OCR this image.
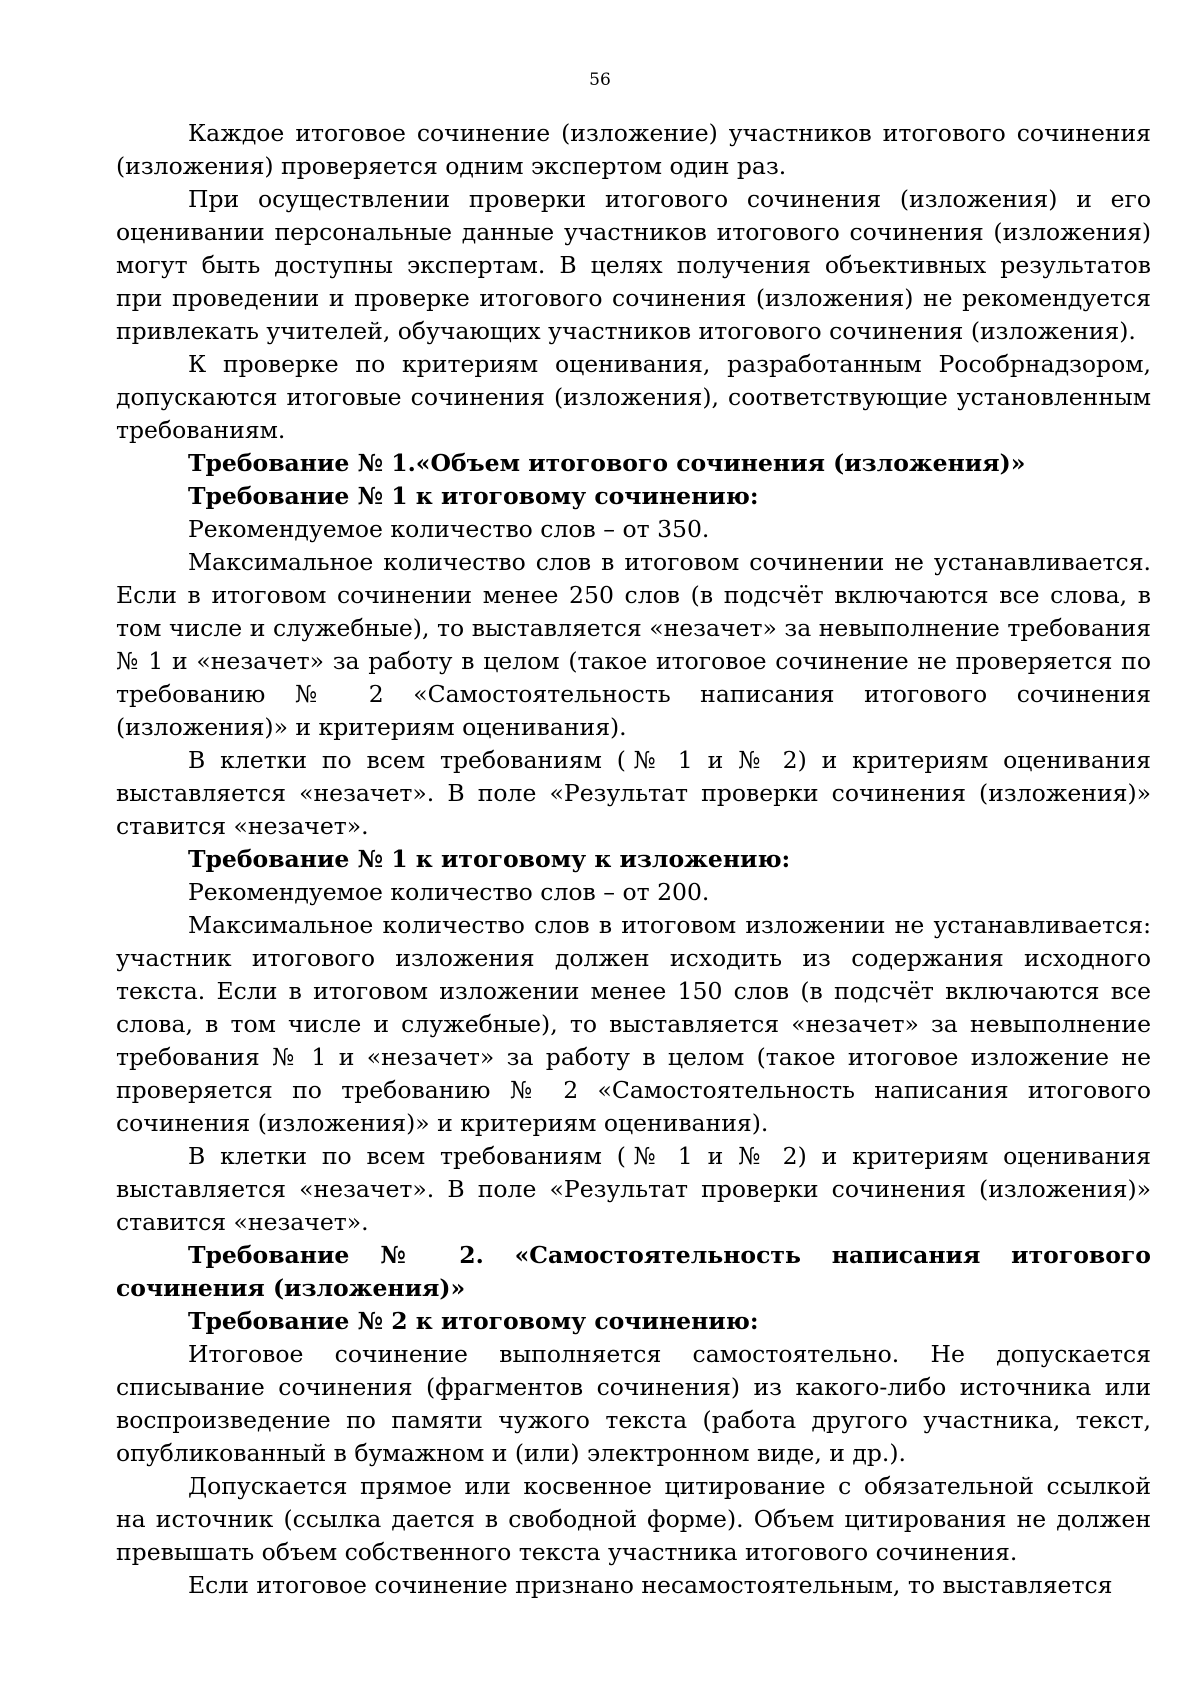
56

Каждое итоговое сочинение (изложение) участников итогового сочинения (изложения) проверяется одним экспертом один раз.

При осуществлении проверки итогового сочинения (изложения) и его оценивании персональные данные участников итогового сочинения (изложения) могут быть доступны экспертам. В целях получения объективных результатов при проведении и проверке итогового сочинения (изложения) не рекомендуется привлекать учителей, обучающих участников итогового сочинения (изложения).

К проверке по критериям оценивания, разработанным Рособрнадзором, допускаются итоговые сочинения (изложения), соответствующие установленным требованиям.

Требование № 1.«Объем итогового сочинения (изложения)»

Требование № 1 к итоговому сочинению:

Рекомендуемое количество слов – от 350.

Максимальное количество слов в итоговом сочинении не устанавливается. Если в итоговом сочинении менее 250 слов (в подсчёт включаются все слова, в том числе и служебные), то выставляется «незачет» за невыполнение требования № 1 и «незачет» за работу в целом (такое итоговое сочинение не проверяется по требованию № 2 «Самостоятельность написания итогового сочинения (изложения)» и критериям оценивания).

В клетки по всем требованиям (№ 1 и № 2) и критериям оценивания выставляется «незачет». В поле «Результат проверки сочинения (изложения)» ставится «незачет».

Требование № 1 к итоговому к изложению:

Рекомендуемое количество слов – от 200.

Максимальное количество слов в итоговом изложении не устанавливается: участник итогового изложения должен исходить из содержания исходного текста. Если в итоговом изложении менее 150 слов (в подсчёт включаются все слова, в том числе и служебные), то выставляется «незачет» за невыполнение требования № 1 и «незачет» за работу в целом (такое итоговое изложение не проверяется по требованию № 2 «Самостоятельность написания итогового сочинения (изложения)» и критериям оценивания).

В клетки по всем требованиям (№ 1 и № 2) и критериям оценивания выставляется «незачет». В поле «Результат проверки сочинения (изложения)» ставится «незачет».

Требование № 2. «Самостоятельность написания итогового сочинения (изложения)»

Требование № 2 к итоговому сочинению:

Итоговое сочинение выполняется самостоятельно. Не допускается списывание сочинения (фрагментов сочинения) из какого-либо источника или воспроизведение по памяти чужого текста (работа другого участника, текст, опубликованный в бумажном и (или) электронном виде, и др.).

Допускается прямое или косвенное цитирование с обязательной ссылкой на источник (ссылка дается в свободной форме). Объем цитирования не должен превышать объем собственного текста участника итогового сочинения.

Если итоговое сочинение признано несамостоятельным, то выставляется
